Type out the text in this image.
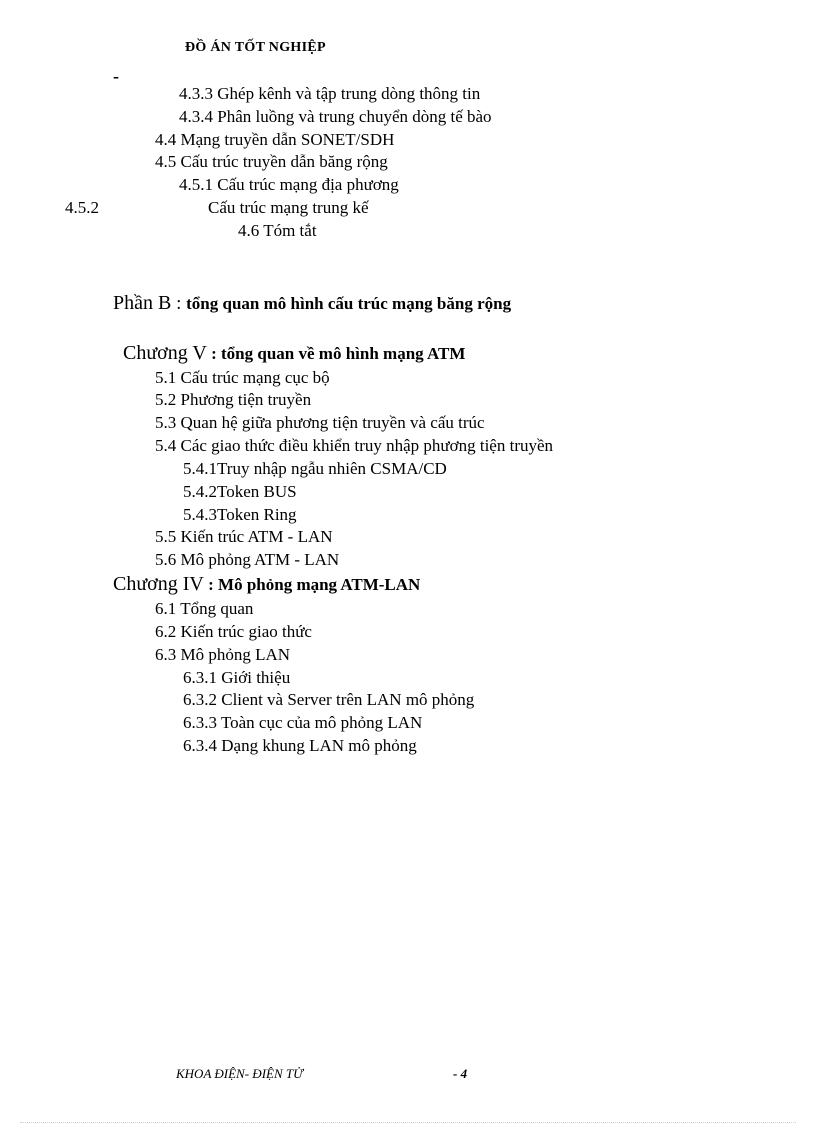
ĐỒ ÁN TỐT NGHIỆP
-
4.3.3 Ghép kênh và tập trung dòng thông tin
4.3.4 Phân luồng và trung chuyển dòng tế bào
4.4 Mạng truyền dẫn SONET/SDH
4.5 Cấu trúc truyền dẫn băng rộng
4.5.1 Cấu trúc mạng địa phương
4.5.2	Cấu trúc mạng trung kế
4.6 Tóm tắt
Phần B : tổng quan mô hình cấu trúc mạng băng rộng
Chương V : tổng quan về mô hình mạng ATM
5.1 Cấu trúc mạng cục bộ
5.2 Phương tiện truyền
5.3 Quan hệ giữa phương tiện truyền và cấu trúc
5.4 Các giao thức điều khiển truy nhập phương tiện truyền
5.4.1Truy nhập ngẫu nhiên CSMA/CD
5.4.2Token BUS
5.4.3Token Ring
5.5 Kiến trúc ATM - LAN
5.6 Mô phỏng ATM - LAN
Chương IV : Mô phỏng mạng ATM-LAN
6.1 Tổng quan
6.2 Kiến trúc giao thức
6.3 Mô phỏng LAN
6.3.1 Giới thiệu
6.3.2 Client và Server trên LAN mô phỏng
6.3.3 Toàn cục của mô phỏng LAN
6.3.4 Dạng khung LAN mô phỏng
KHOA ĐIỆN- ĐIỆN TỬ	- 4
